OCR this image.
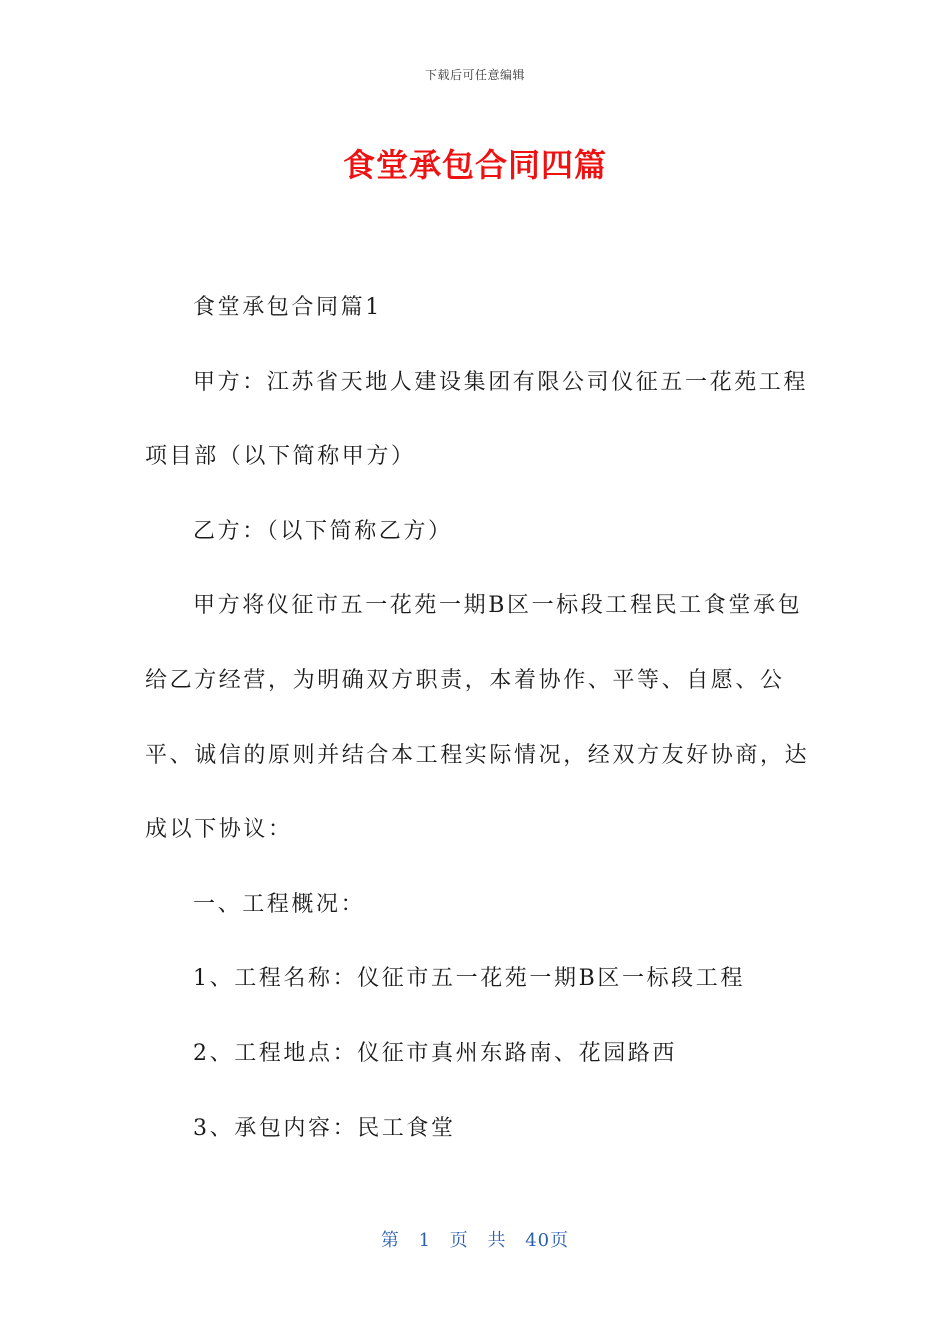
下载后可任意编辑
食堂承包合同四篇

食堂承包合同篇1

甲方：江苏省天地人建设集团有限公司仪征五一花苑工程项目部（以下简称甲方）

乙方：（以下简称乙方）

甲方将仪征市五一花苑一期B区一标段工程民工食堂承包给乙方经营，为明确双方职责，本着协作、平等、自愿、公平、诚信的原则并结合本工程实际情况，经双方友好协商，达成以下协议：

一、工程概况：

1、工程名称：仪征市五一花苑一期B区一标段工程

2、工程地点：仪征市真州东路南、花园路西

3、承包内容：民工食堂

第 1 页 共 40页
